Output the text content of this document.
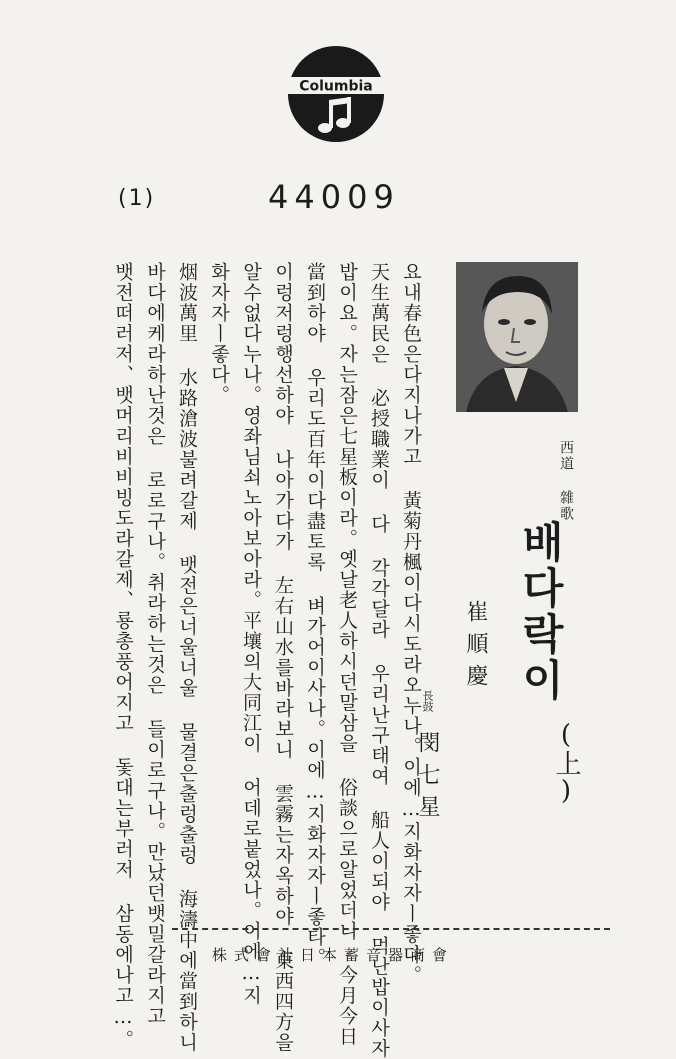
Columbia
(1)	44009
西道 雜歌
배다락이
(上)
崔順慶
長鼓 閔七星
요내春色은다지나가고 黃菊丹楓이다시도라오누나。이에…지화자자ㅣ좋다。
天生萬民은 必授職業이 다 각각달라 우리난구태여 船人이되야 먹난밥이사자
밥이요。자는잠은七星板이라。옛날老人하시던말삼을 俗談으로알었더니 今月今日
當到하야 우리도百年이다盡토록 벼가어이사나。이에…지화자자ㅣ좋타。
이렁저렁행선하야 나아가다가 左右山水를바라보니 雲霧는자옥하야 東西四方을
알수없다누나。영좌님쇠노아보아라。平壤의大同江이 어데로붙었나。이에…지
화자자ㅣ좋다。
烟波萬里 水路滄波불려갈제 뱃전은너울너울 물결은출렁출렁 海濤中에當到하니
바다에케라하난것은 로로구나。취라하는것은 들이로구나。만났던뱃밀갈라지고
뱃전떠러저、뱃머리비비빙도라갈제、룡총풍어지고 돛대는부러저 삼동에나고…。	株式會社日本蓄音器商會
